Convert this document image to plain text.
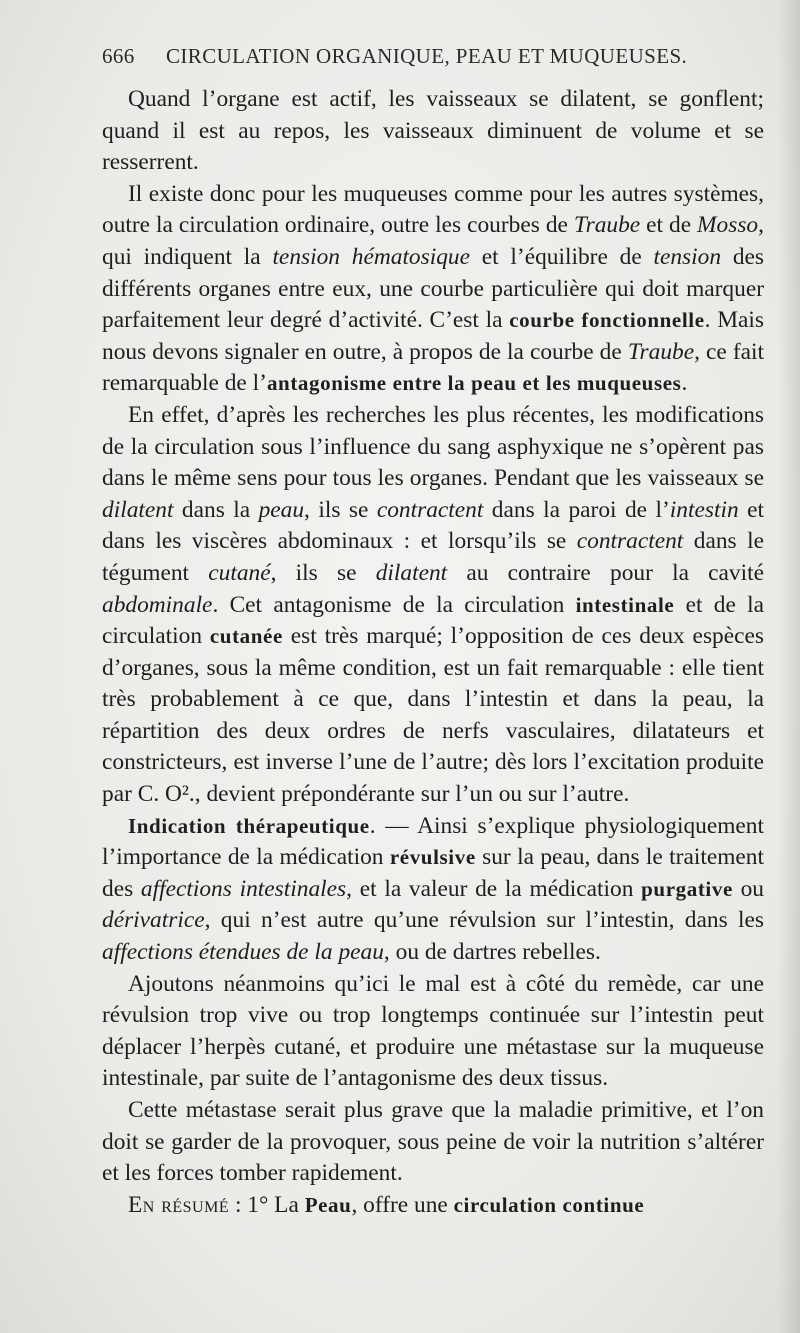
666	CIRCULATION ORGANIQUE, PEAU ET MUQUEUSES.

Quand l’organe est actif, les vaisseaux se dilatent, se gonflent; quand il est au repos, les vaisseaux diminuent de volume et se resserrent.

Il existe donc pour les muqueuses comme pour les autres systèmes, outre la circulation ordinaire, outre les courbes de Traube et de Mosso, qui indiquent la tension hématosique et l’équilibre de tension des différents organes entre eux, une courbe particulière qui doit marquer parfaitement leur degré d’activité. C’est la courbe fonctionnelle. Mais nous devons signaler en outre, à propos de la courbe de Traube, ce fait remarquable de l’antagonisme entre la peau et les muqueuses.

En effet, d’après les recherches les plus récentes, les modifications de la circulation sous l’influence du sang asphyxique ne s’opèrent pas dans le même sens pour tous les organes. Pendant que les vaisseaux se dilatent dans la peau, ils se contractent dans la paroi de l’intestin et dans les viscères abdominaux : et lorsqu’ils se contractent dans le tégument cutané, ils se dilatent au contraire pour la cavité abdominale. Cet antagonisme de la circulation intestinale et de la circulation cutanée est très marqué; l’opposition de ces deux espèces d’organes, sous la même condition, est un fait remarquable : elle tient très probablement à ce que, dans l’intestin et dans la peau, la répartition des deux ordres de nerfs vasculaires, dilatateurs et constricteurs, est inverse l’une de l’autre; dès lors l’excitation produite par C. O²., devient prépondérante sur l’un ou sur l’autre.

Indication thérapeutique. — Ainsi s’explique physiologiquement l’importance de la médication révulsive sur la peau, dans le traitement des affections intestinales, et la valeur de la médication purgative ou dérivatrice, qui n’est autre qu’une révulsion sur l’intestin, dans les affections étendues de la peau, ou de dartres rebelles.

Ajoutons néanmoins qu’ici le mal est à côté du remède, car une révulsion trop vive ou trop longtemps continuée sur l’intestin peut déplacer l’herpès cutané, et produire une métastase sur la muqueuse intestinale, par suite de l’antagonisme des deux tissus.

Cette métastase serait plus grave que la maladie primitive, et l’on doit se garder de la provoquer, sous peine de voir la nutrition s’altérer et les forces tomber rapidement.

En résumé : 1° La Peau, offre une circulation continue
